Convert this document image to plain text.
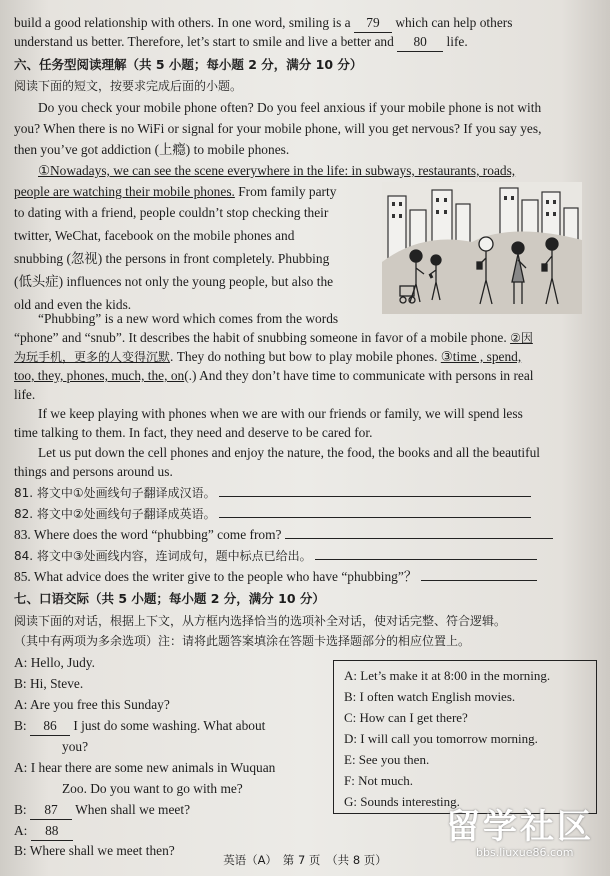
build a good relationship with others. In one word, smiling is a 79 which can help others
understand us better. Therefore, let’s start to smile and live a better and 80 life.
六、任务型阅读理解（共 5 小题；每小题 2 分，满分 10 分）
阅读下面的短文，按要求完成后面的小题。
Do you check your mobile phone often? Do you feel anxious if your mobile phone is not with
you? When there is no WiFi or signal for your mobile phone, will you get nervous? If you say yes,
then you’ve got addiction (上瘾) to mobile phones.
①Nowadays, we can see the scene everywhere in the life: in subways, restaurants, roads,
people are watching their mobile phones. From family party
to dating with a friend, people couldn’t stop checking their
twitter, WeChat, facebook on the mobile phones and
snubbing (忽视) the persons in front completely. Phubbing
(低头症) influences not only the young people, but also the
old and even the kids.
“Phubbing” is a new word which comes from the words
“phone” and “snub”. It describes the habit of snubbing someone in favor of a mobile phone. ②因
为玩手机，更多的人变得沉默. They do nothing but bow to play mobile phones. ③time , spend,
too, they, phones, much, the, on(.) And they don’t have time to communicate with persons in real
life.
If we keep playing with phones when we are with our friends or family, we will spend less
time talking to them. In fact, they need and deserve to be cared for.
Let us put down the cell phones and enjoy the nature, the food, the books and all the beautiful
things and persons around us.
81. 将文中①处画线句子翻译成汉语。
82. 将文中②处画线句子翻译成英语。
83. Where does the word “phubbing” come from?
84. 将文中③处画线内容，连词成句，题中标点已给出。
85. What advice does the writer give to the people who have “phubbing”？
七、口语交际（共 5 小题；每小题 2 分，满分 10 分）
阅读下面的对话，根据上下文，从方框内选择恰当的选项补全对话，使对话完整、符合逻辑。
（其中有两项为多余选项）注：请将此题答案填涂在答题卡选择题部分的相应位置上。
A: Hello, Judy.
B: Hi, Steve.
A: Are you free this Sunday?
B: 86 I just do some washing. What about
you?
A: I hear there are some new animals in Wuquan
Zoo. Do you want to go with me?
B: 87 When shall we meet?
A: 88
B: Where shall we meet then?
A: Let’s make it at 8:00 in the morning.
B: I often watch English movies.
C: How can I get there?
D: I will call you tomorrow morning.
E: See you then.
F: Not much.
G: Sounds interesting.
英语（A）　第 7 页　（共 8 页）
留学社区
bbs.liuxue86.com
